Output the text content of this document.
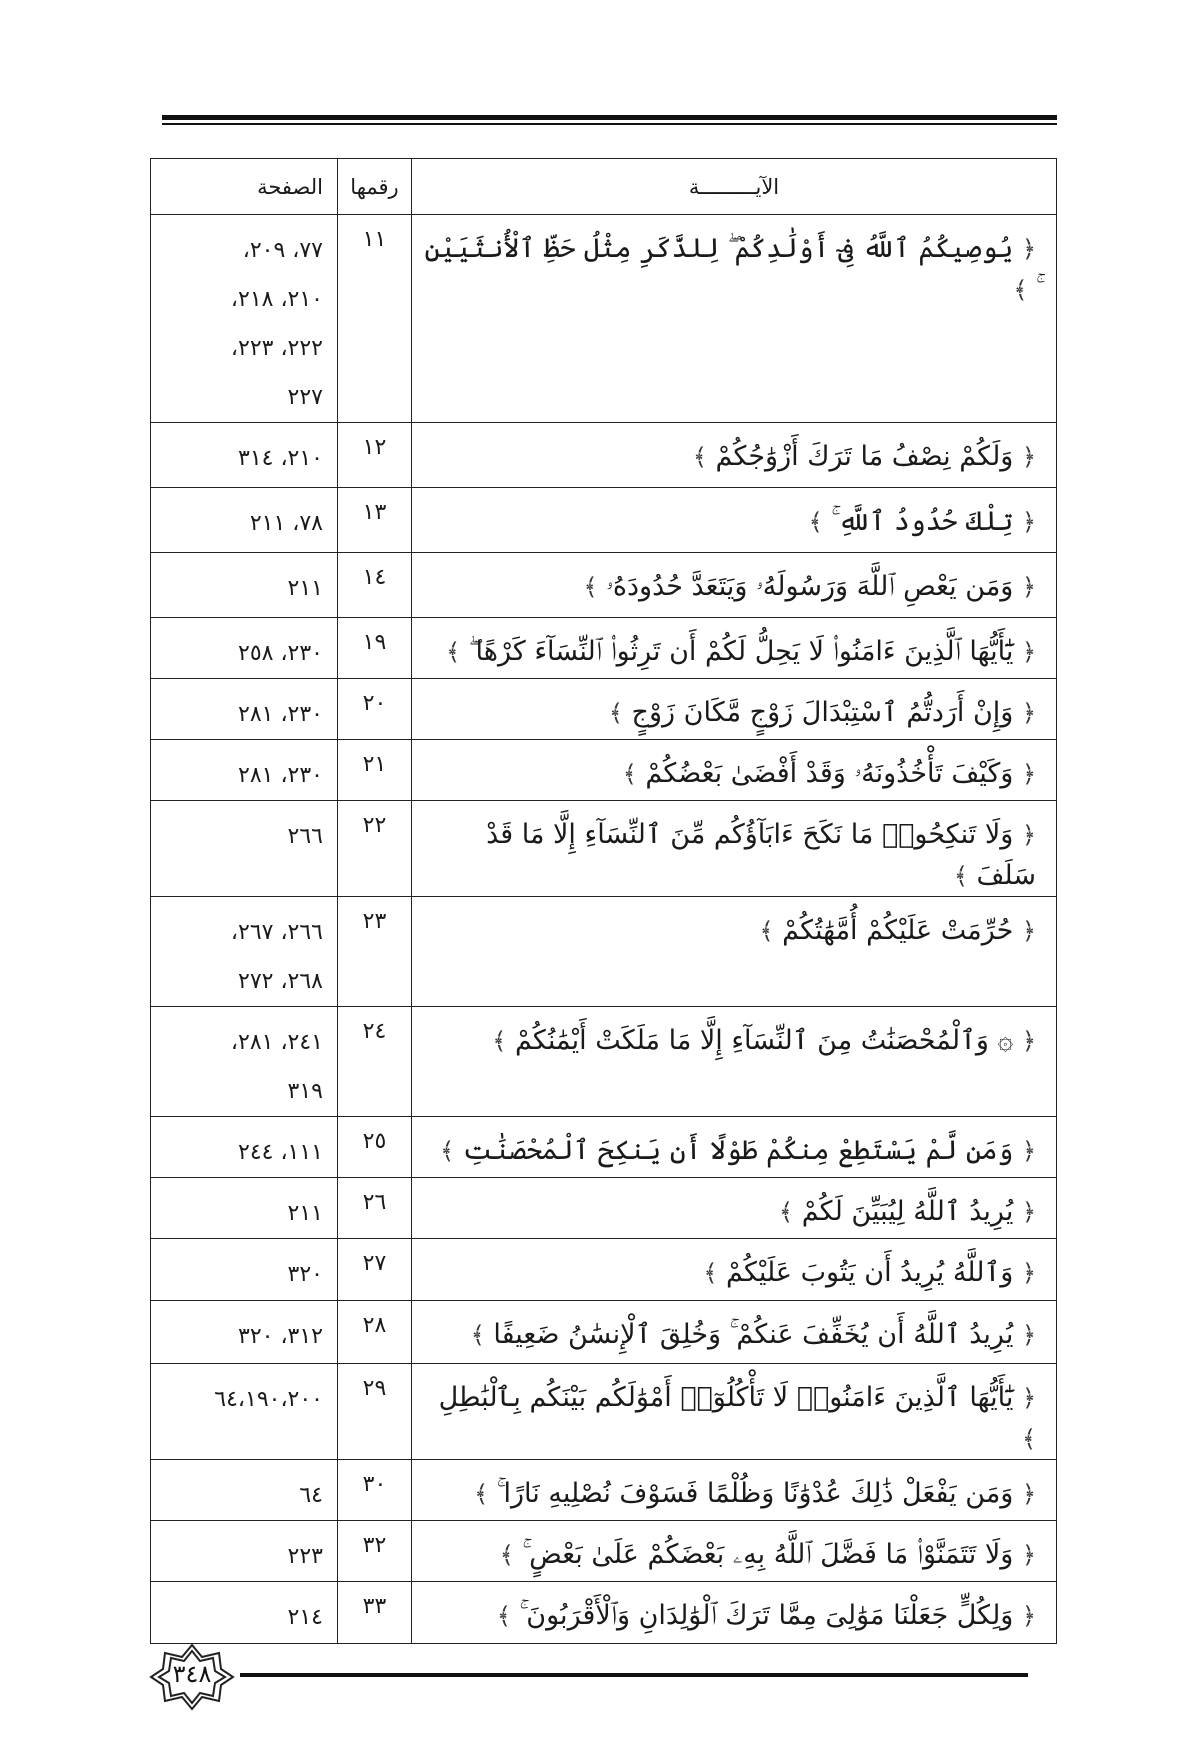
الآيـــــــــة	رقمها	الصفحة
﴿ يُوصِيكُمُ ٱللَّهُ فِىٓ أَوْلَٰدِكُمْ ۖ لِلذَّكَرِ مِثْلُ حَظِّ ٱلْأُنثَيَيْنِ ﴾	١١	٧٧، ٢٠٩،
٢١٠، ٢١٨،
٢٢٢، ٢٢٣،
٢٢٧

﴿ وَلَكُمْ نِصْفُ مَا تَرَكَ أَزْوَٰجُكُمْ ﴾	١٢	٢١٠، ٣١٤

﴿ تِلْكَ حُدُودُ ٱللَّهِ ۚ ﴾	١٣	٧٨، ٢١١

﴿ وَمَن يَعْصِ ٱللَّهَ وَرَسُولَهُۥ وَيَتَعَدَّ حُدُودَهُۥ ﴾	١٤	٢١١

﴿ يَٰٓأَيُّهَا ٱلَّذِينَ ءَامَنُوا۟ لَا يَحِلُّ لَكُمْ أَن تَرِثُوا۟ ٱلنِّسَآءَ كَرْهًا ۖ ﴾	١٩	٢٣٠، ٢٥٨

﴿ وَإِنْ أَرَدتُّمُ ٱسْتِبْدَالَ زَوْجٍ مَّكَانَ زَوْجٍ ﴾	٢٠	٢٣٠، ٢٨١

﴿ وَكَيْفَ تَأْخُذُونَهُۥ وَقَدْ أَفْضَىٰ بَعْضُكُمْ ﴾	٢١	٢٣٠، ٢٨١

﴿ وَلَا تَنكِحُوا۟ مَا نَكَحَ ءَابَآؤُكُم مِّنَ ٱلنِّسَآءِ إِلَّا مَا قَدْ سَلَفَ ﴾	٢٢	٢٦٦

﴿ حُرِّمَتْ عَلَيْكُمْ أُمَّهَٰتُكُمْ ﴾	٢٣	٢٦٦، ٢٦٧،
٢٦٨، ٢٧٢

﴿ ۞ وَٱلْمُحْصَنَٰتُ مِنَ ٱلنِّسَآءِ إِلَّا مَا مَلَكَتْ أَيْمَٰنُكُمْ ﴾	٢٤	٢٤١، ٢٨١،
٣١٩

﴿ وَمَن لَّمْ يَسْتَطِعْ مِنكُمْ طَوْلًا أَن يَنكِحَ ٱلْمُحْصَنَٰتِ ﴾	٢٥	١١١، ٢٤٤

﴿ يُرِيدُ ٱللَّهُ لِيُبَيِّنَ لَكُمْ ﴾	٢٦	٢١١

﴿ وَٱللَّهُ يُرِيدُ أَن يَتُوبَ عَلَيْكُمْ ﴾	٢٧	٣٢٠

﴿ يُرِيدُ ٱللَّهُ أَن يُخَفِّفَ عَنكُمْ ۚ وَخُلِقَ ٱلْإِنسَٰنُ ضَعِيفًا ﴾	٢٨	٣١٢، ٣٢٠

﴿ يَٰٓأَيُّهَا ٱلَّذِينَ ءَامَنُوا۟ لَا تَأْكُلُوٓا۟ أَمْوَٰلَكُم بَيْنَكُم بِٱلْبَٰطِلِ ﴾	٢٩	٦٤،١٩٠،٢٠٠

﴿ وَمَن يَفْعَلْ ذَٰلِكَ عُدْوَٰنًا وَظُلْمًا فَسَوْفَ نُصْلِيهِ نَارًا ۚ ﴾	٣٠	٦٤

﴿ وَلَا تَتَمَنَّوْا۟ مَا فَضَّلَ ٱللَّهُ بِهِۦ بَعْضَكُمْ عَلَىٰ بَعْضٍ ۚ ﴾	٣٢	٢٢٣

﴿ وَلِكُلٍّ جَعَلْنَا مَوَٰلِىَ مِمَّا تَرَكَ ٱلْوَٰلِدَانِ وَٱلْأَقْرَبُونَ ۚ ﴾	٣٣	٢١٤
٣٤٨
